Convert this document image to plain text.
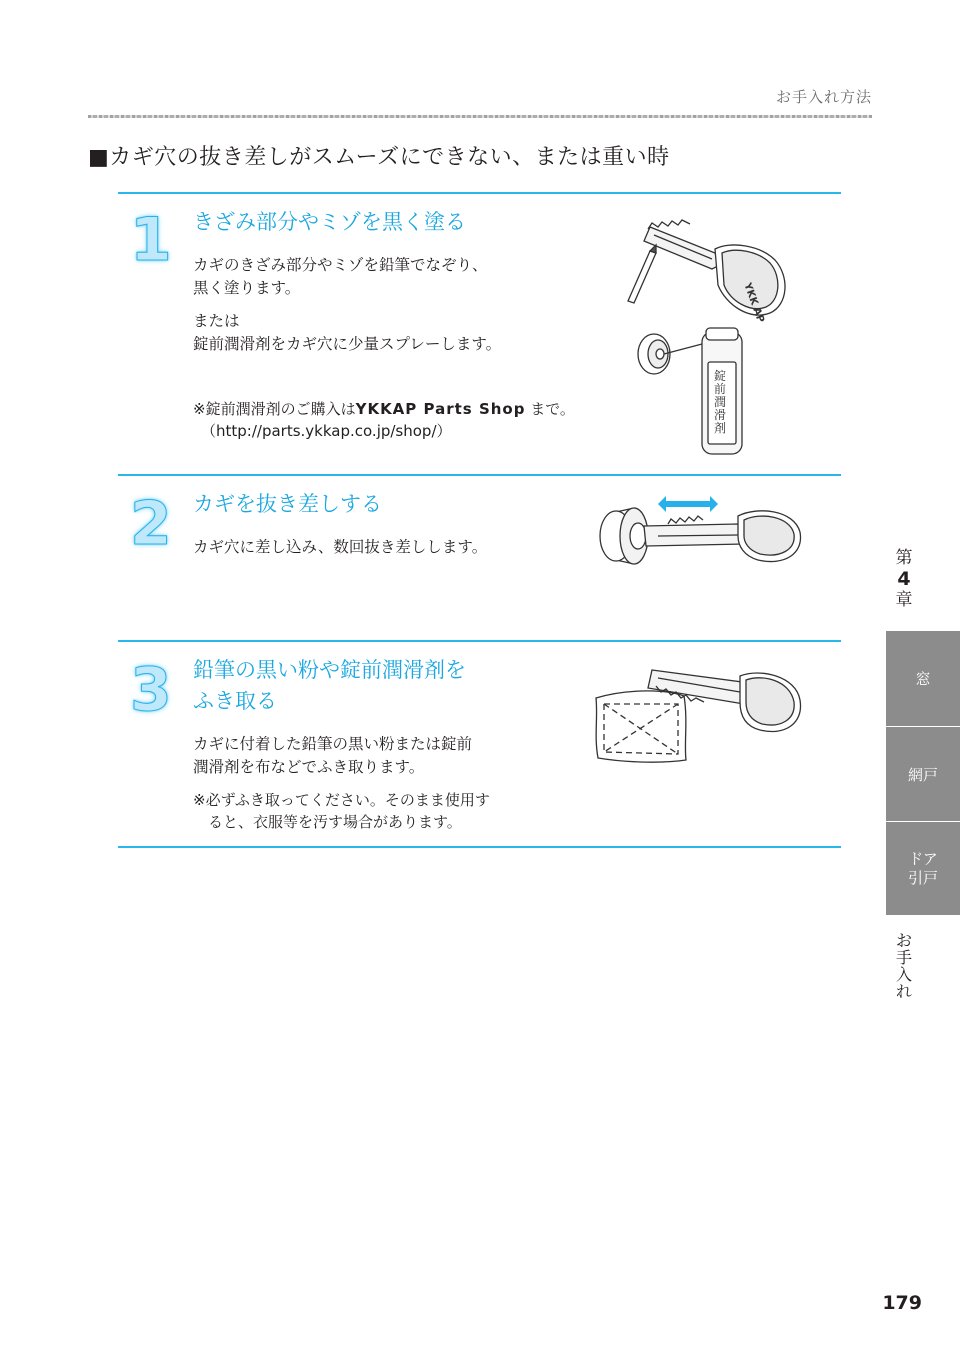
お手入れ方法
■カギ穴の抜き差しがスムーズにできない、または重い時
1	きざみ部分やミゾを黒く塗る
カギのきざみ部分やミゾを鉛筆でなぞり、
黒く塗ります。
または
錠前潤滑剤をカギ穴に少量スプレーします。
※錠前潤滑剤のご購入はYKKAP Parts Shop まで。
（http://parts.ykkap.co.jp/shop/）
YKK AP
錠
前
潤
滑
剤
2	カギを抜き差しする
カギ穴に差し込み、数回抜き差しします。
3	鉛筆の黒い粉や錠前潤滑剤を
ふき取る
カギに付着した鉛筆の黒い粉または錠前
潤滑剤を布などでふき取ります。
※必ずふき取ってください。そのまま使用す
　ると、衣服等を汚す場合があります。
第
4
章
窓
網戸
ドア
引戸
お
手
入
れ
179
